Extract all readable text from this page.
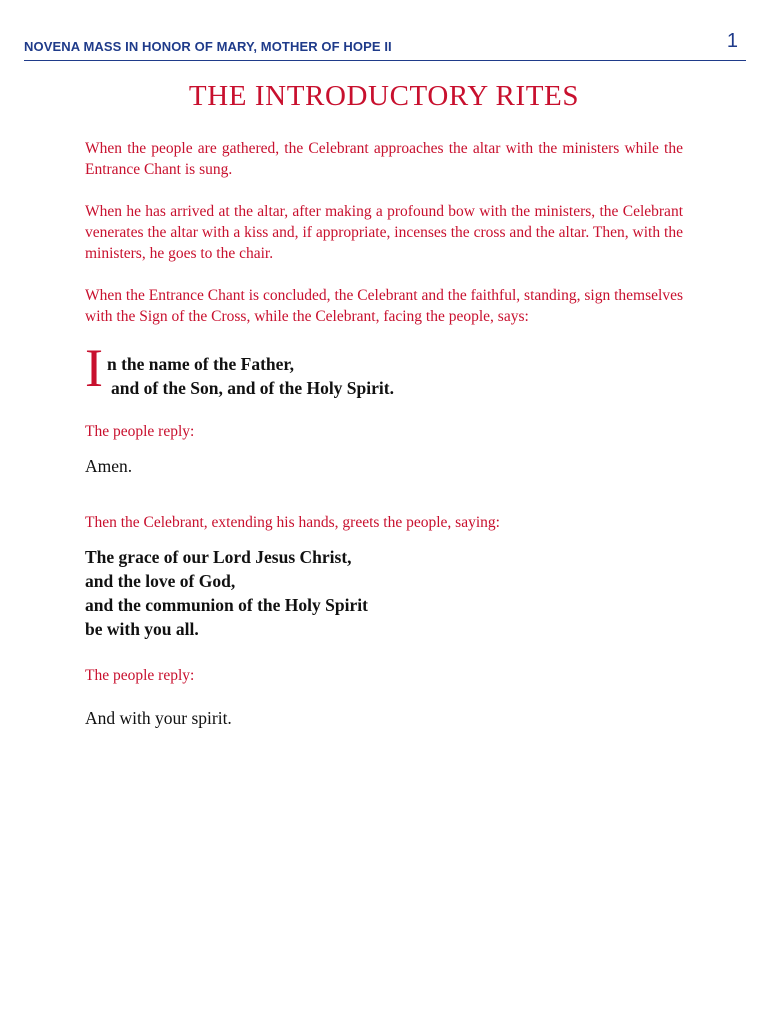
NOVENA MASS IN HONOR OF MARY, MOTHER OF HOPE II	1
THE INTRODUCTORY RITES

When the people are gathered, the Celebrant approaches the altar with the ministers while the Entrance Chant is sung.

When he has arrived at the altar, after making a profound bow with the ministers, the Celebrant venerates the altar with a kiss and, if appropriate, incenses the cross and the altar. Then, with the ministers, he goes to the chair.

When the Entrance Chant is concluded, the Celebrant and the faithful, standing, sign themselves with the Sign of the Cross, while the Celebrant, facing the people, says:

I n the name of the Father,
and of the Son, and of the Holy Spirit.

The people reply:

Amen.

Then the Celebrant, extending his hands, greets the people, saying:

The grace of our Lord Jesus Christ,

and the love of God,

and the communion of the Holy Spirit

be with you all.

The people reply:

And with your spirit.
